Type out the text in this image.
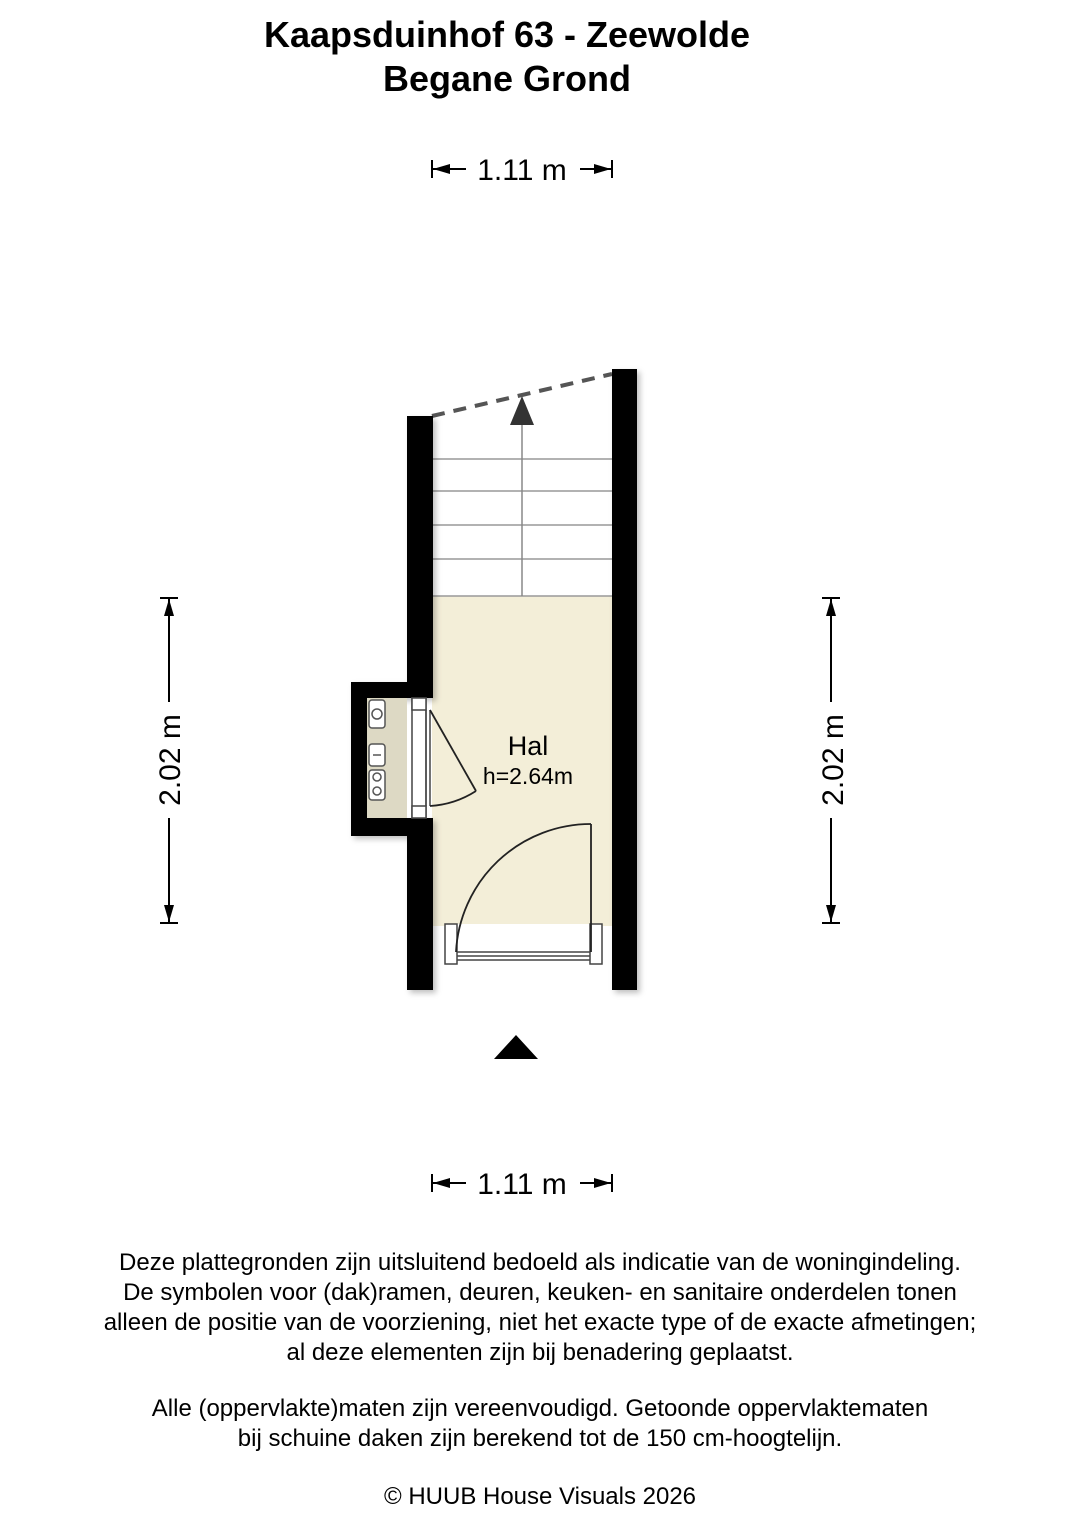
Kaapsduinhof 63 - Zeewolde
Begane Grond
1.11 m
1.11 m
2.02 m	2.02 m
Hal
h=2.64m

Deze plattegronden zijn uitsluitend bedoeld als indicatie van de woningindeling.

De symbolen voor (dak)ramen, deuren, keuken- en sanitaire onderdelen tonen

alleen de positie van de voorziening, niet het exacte type of de exacte afmetingen;

al deze elementen zijn bij benadering geplaatst.

Alle (oppervlakte)maten zijn vereenvoudigd. Getoonde oppervlaktematen

bij schuine daken zijn berekend tot de 150 cm-hoogtelijn.

© HUUB House Visuals 2026
